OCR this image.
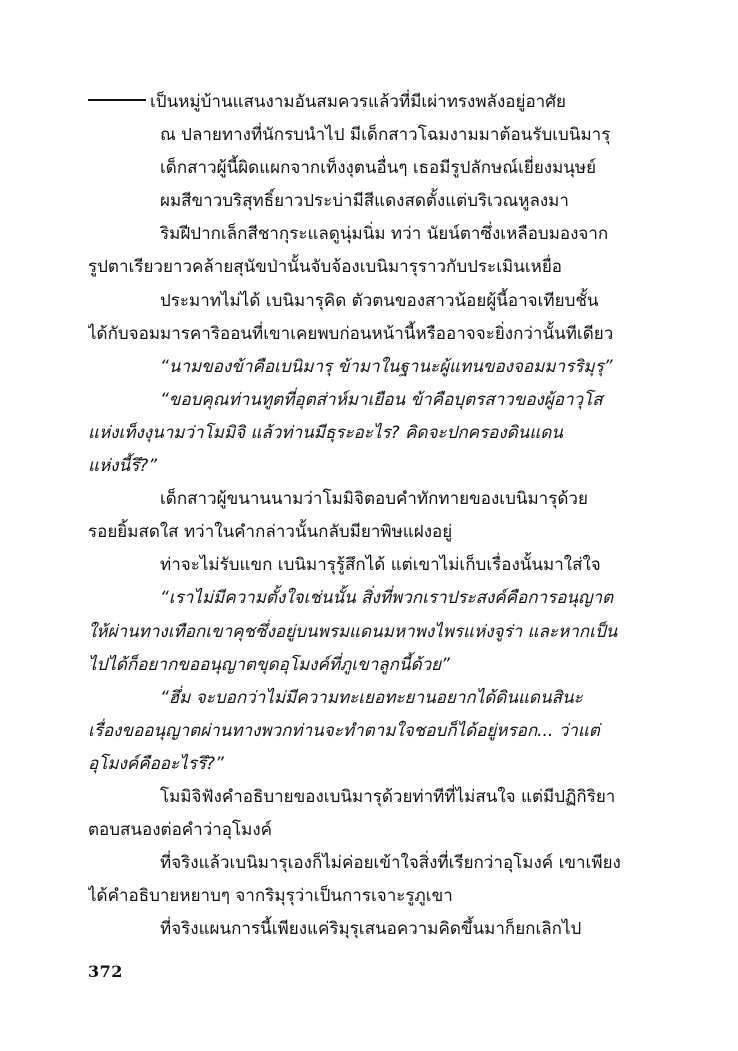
เป็นหมู่บ้านแสนงามอันสมควรแล้วที่มีเผ่าทรงพลังอยู่อาศัย
ณ ปลายทางที่นักรบนำไป มีเด็กสาวโฉมงามมาต้อนรับเบนิมารุ
เด็กสาวผู้นี้ผิดแผกจากเท็งงุตนอื่นๆ เธอมีรูปลักษณ์เยี่ยงมนุษย์
ผมสีขาวบริสุทธิ์ยาวประบ่ามีสีแดงสดตั้งแต่บริเวณหูลงมา
ริมฝีปากเล็กสีชากุระแลดูนุ่มนิ่ม ทว่า นัยน์ตาซึ่งเหลือบมองจาก
รูปตาเรียวยาวคล้ายสุนัขป่านั้นจับจ้องเบนิมารุราวกับประเมินเหยื่อ
ประมาทไม่ได้ เบนิมารุคิด ตัวตนของสาวน้อยผู้นี้อาจเทียบชั้น
ได้กับจอมมารคาริออนที่เขาเคยพบก่อนหน้านี้หรืออาจจะยิ่งกว่านั้นทีเดียว
“นามของข้าคือเบนิมารุ ข้ามาในฐานะผู้แทนของจอมมารริมุรุ”
“ขอบคุณท่านทูตที่อุตส่าห์มาเยือน ข้าคือบุตรสาวของผู้อาวุโส
แห่งเท็งงุนามว่าโมมิจิ แล้วท่านมีธุระอะไร? คิดจะปกครองดินแดน
แห่งนี้รึ?”
เด็กสาวผู้ขนานนามว่าโมมิจิตอบคำทักทายของเบนิมารุด้วย
รอยยิ้มสดใส ทว่าในคำกล่าวนั้นกลับมียาพิษแฝงอยู่
ท่าจะไม่รับแขก เบนิมารุรู้สึกได้ แต่เขาไม่เก็บเรื่องนั้นมาใส่ใจ
“เราไม่มีความตั้งใจเช่นนั้น สิ่งที่พวกเราประสงค์คือการอนุญาต
ให้ผ่านทางเทือกเขาคุชซึ่งอยู่บนพรมแดนมหาพงไพรแห่งจูร่า และหากเป็น
ไปได้ก็อยากขออนุญาตขุดอุโมงค์ที่ภูเขาลูกนี้ด้วย”
“ฮึ่ม จะบอกว่าไม่มีความทะเยอทะยานอยากได้ดินแดนสินะ
เรื่องขออนุญาตผ่านทางพวกท่านจะทำตามใจชอบก็ได้อยู่หรอก... ว่าแต่
อุโมงค์คืออะไรรึ?”
โมมิจิฟังคำอธิบายของเบนิมารุด้วยท่าทีที่ไม่สนใจ แต่มีปฏิกิริยา
ตอบสนองต่อคำว่าอุโมงค์
ที่จริงแล้วเบนิมารุเองก็ไม่ค่อยเข้าใจสิ่งที่เรียกว่าอุโมงค์ เขาเพียง
ได้คำอธิบายหยาบๆ จากริมุรุว่าเป็นการเจาะรูภูเขา
ที่จริงแผนการนี้เพียงแค่ริมุรุเสนอความคิดขึ้นมาก็ยกเลิกไป
372
